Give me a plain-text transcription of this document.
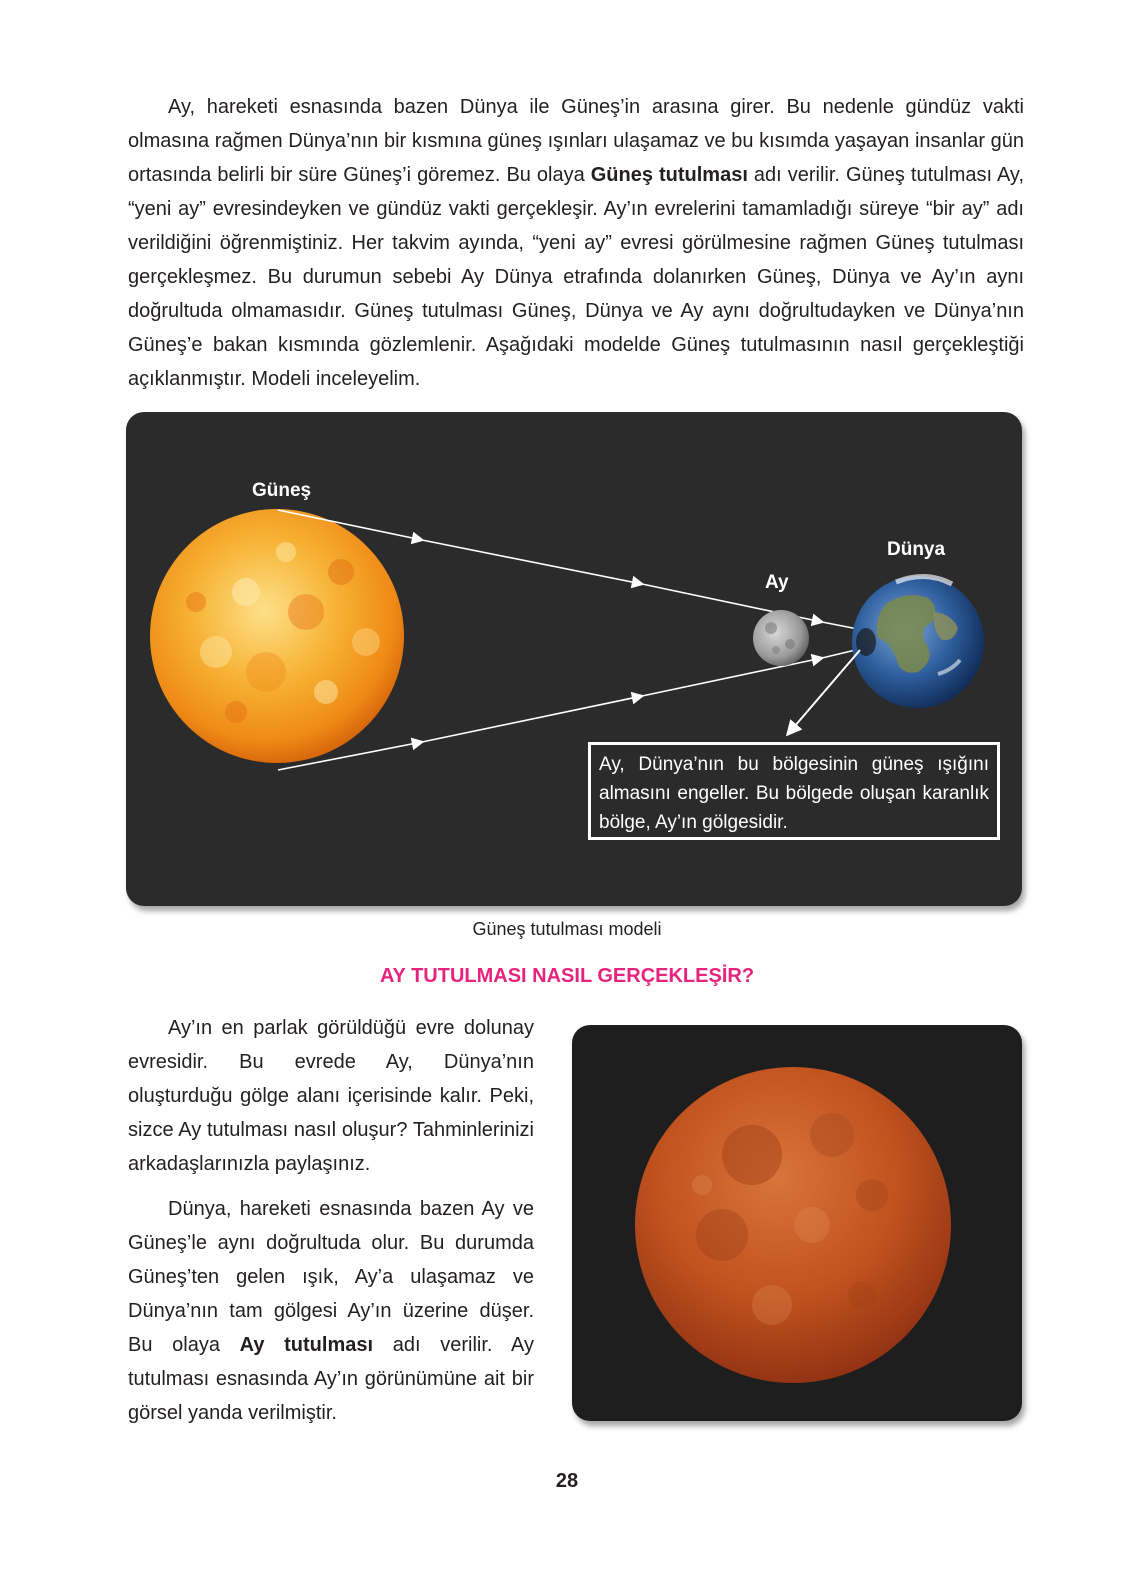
Ay, hareketi esnasında bazen Dünya ile Güneş’in arasına girer. Bu nedenle gündüz vakti olmasına rağmen Dünya’nın bir kısmına güneş ışınları ulaşamaz ve bu kısımda yaşayan insanlar gün ortasında belirli bir süre Güneş’i göremez. Bu olaya Güneş tutulması adı verilir. Güneş tutulması Ay, “yeni ay” evresindeyken ve gündüz vakti gerçekleşir. Ay’ın evrelerini tamamladığı süreye “bir ay” adı verildiğini öğrenmiştiniz. Her takvim ayında, “yeni ay” evresi görülmesine rağmen Güneş tutulması gerçekleşmez. Bu durumun sebebi Ay Dünya etrafında dolanırken Güneş, Dünya ve Ay’ın aynı doğrultuda olmamasıdır. Güneş tutulması Güneş, Dünya ve Ay aynı doğrultudayken ve Dünya’nın Güneş’e bakan kısmında gözlemlenir. Aşağıdaki modelde Güneş tutulmasının nasıl gerçekleştiği açıklanmıştır. Modeli inceleyelim.

Güneş
Ay
Dünya
Ay, Dünya’nın bu bölgesinin güneş ışığını almasını engeller. Bu bölgede oluşan karanlık bölge, Ay’ın gölgesidir.
Güneş tutulması modeli
AY TUTULMASI NASIL GERÇEKLEŞİR?

Ay’ın en parlak görüldüğü evre dolunay evresidir. Bu evrede Ay, Dünya’nın oluşturduğu gölge alanı içerisinde kalır. Peki, sizce Ay tutulması nasıl oluşur? Tahminlerinizi arkadaşlarınızla paylaşınız.

Dünya, hareketi esnasında bazen Ay ve Güneş’le aynı doğrultuda olur. Bu durumda Güneş’ten gelen ışık, Ay’a ulaşamaz ve Dünya’nın tam gölgesi Ay’ın üzerine düşer. Bu olaya Ay tutulması adı verilir. Ay tutulması esnasında Ay’ın görünümüne ait bir görsel yanda verilmiştir.

28
